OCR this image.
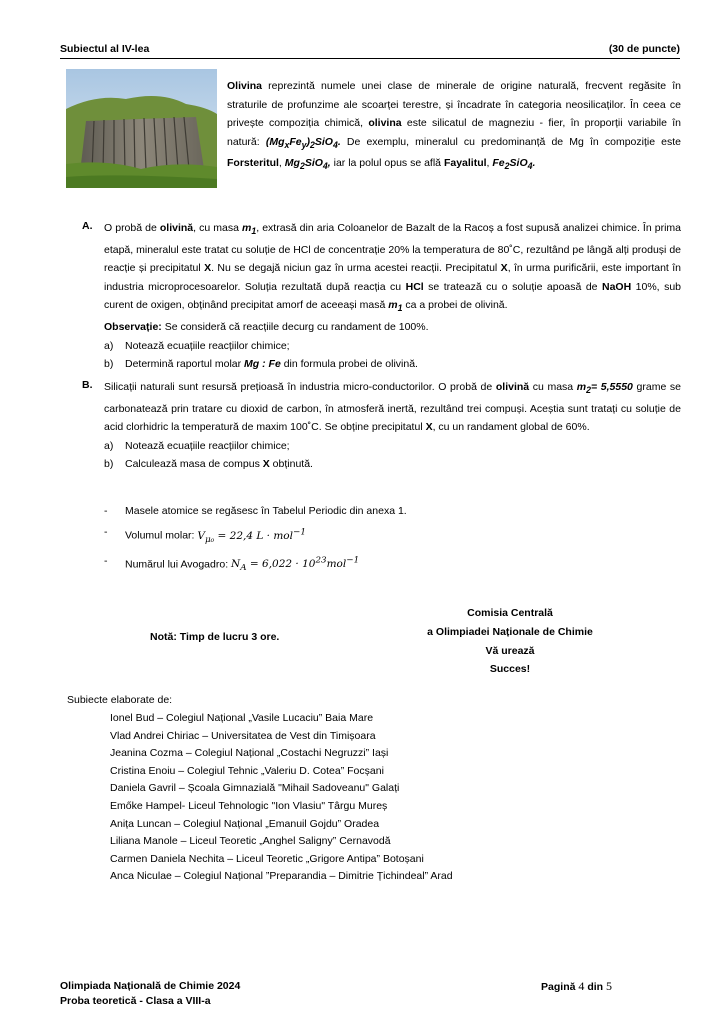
Subiectul al IV-lea	(30 de puncte)
Olivina reprezintă numele unei clase de minerale de origine naturală, frecvent regăsite în straturile de profunzime ale scoarței terestre, și încadrate în categoria neosilicaților. În ceea ce privește compoziția chimică, olivina este silicatul de magneziu - fier, în proporții variabile în natură: $(Mg_xFe_y)_2SiO_4$. De exemplu, mineralul cu predominanță de Mg în compoziție este Forsteritul, $Mg_2SiO_4$, iar la polul opus se află Fayalitul, $Fe_2SiO_4$.
A. O probă de olivină, cu masa $m_1$, extrasă din aria Coloanelor de Bazalt de la Racoș a fost supusă analizei chimice. În prima etapă, mineralul este tratat cu soluție de HCl de concentrație 20% la temperatura de 80˚C, rezultând pe lângă alți produși de reacție și precipitatul X. Nu se degajă niciun gaz în urma acestei reacții. Precipitatul X, în urma purificării, este important în industria microprocesoarelor. Soluția rezultată după reacția cu HCl se tratează cu o soluție apoasă de NaOH 10%, sub curent de oxigen, obținând precipitat amorf de aceeași masă $m_1$ ca a probei de olivină.
Observație: Se consideră că reacțiile decurg cu randament de 100%.
a) Notează ecuațiile reacțiilor chimice;
b) Determină raportul molar Mg : Fe din formula probei de olivină.
B. Silicații naturali sunt resursă prețioasă în industria micro-conductorilor. O probă de olivină cu masa $m_2= 5,5550$ grame se carbonatează prin tratare cu dioxid de carbon, în atmosferă inertă, rezultând trei compuși. Aceștia sunt tratați cu soluție de acid clorhidric la temperatură de maxim 100˚C. Se obține precipitatul X, cu un randament global de 60%.
a) Notează ecuațiile reacțiilor chimice;
b) Calculează masa de compus X obținută.
- Masele atomice se regăsesc în Tabelul Periodic din anexa 1.
- Volumul molar: $V_{\mu_0} = 22,4$ L · mol$^{-1}$
- Numărul lui Avogadro: $N_A = 6,022 \cdot 10^{23}mol^{-1}$
Notă: Timp de lucru 3 ore.
Comisia Centrală
a Olimpiadei Naționale de Chimie
Vă urează
Succes!
Subiecte elaborate de:
Ionel Bud – Colegiul Național „Vasile Lucaciu” Baia Mare
Vlad Andrei Chiriac – Universitatea de Vest din Timișoara
Jeanina Cozma – Colegiul Național „Costachi Negruzzi” Iași
Cristina Enoiu – Colegiul Tehnic „Valeriu D. Cotea” Focșani
Daniela Gavril – Școala Gimnazială "Mihail Sadoveanu" Galați
Emőke Hampel- Liceul Tehnologic "Ion Vlasiu" Târgu Mureș
Anița Luncan – Colegiul Național „Emanuil Gojdu” Oradea
Liliana Manole – Liceul Teoretic „Anghel Saligny” Cernavodă
Carmen Daniela Nechita – Liceul Teoretic „Grigore Antipa” Botoșani
Anca Niculae – Colegiul Național ”Preparandia – Dimitrie Țichindeal” Arad
Olimpiada Națională de Chimie 2024
Proba teoretică - Clasa a VIII-a
Pagină 4 din 5
